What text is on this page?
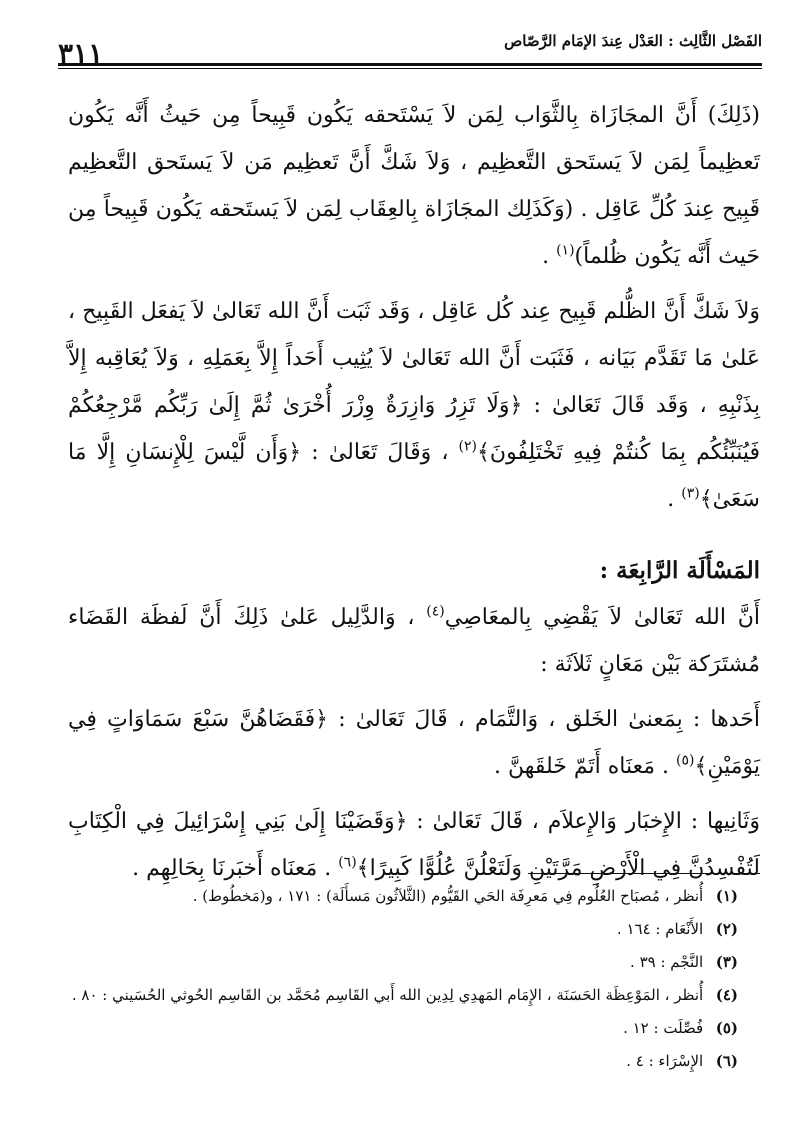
الفَصْل الثَّالِث : العَدْل عِندَ الإمَام الرَّصّاص
٣١١

(ذَلِكَ) أَنَّ المجَازَاة بِالثَّوَاب لِمَن لاَ يَسْتَحقه يَكُون قَبِيحاً مِن حَيثُ أَنَّه يَكُون تَعظِيماً لِمَن لاَ يَستَحق التَّعظِيم ، وَلاَ شَكَّ أَنَّ تَعظِيم مَن لاَ يَستَحق التَّعظِيم قَبِيح عِندَ كُلِّ عَاقِل . (وَكَذَلِك المجَازَاة بِالعِقَاب لِمَن لاَ يَستَحقه يَكُون قَبِيحاً مِن حَيث أَنَّه يَكُون ظُلماً)$^{(١)}$ .

وَلاَ شَكَّ أَنَّ الظُّلم قَبِيح عِند كُل عَاقِل ، وَقَد ثَبَت أَنَّ الله تَعَالىٰ لاَ يَفعَل القَبِيح ، عَلىٰ مَا تَقَدَّم بَيَانه ، فَثَبَت أَنَّ الله تَعَالىٰ لاَ يُثِيب أَحَداً إِلاَّ بِعَمَلِهِ ، وَلاَ يُعَاقِبه إِلاَّ بِذَنْبِهِ ، وَقَد قَالَ تَعَالىٰ : ﴿وَلَا تَزِرُ وَازِرَةٌ وِزْرَ أُخْرَىٰ ثُمَّ إِلَىٰ رَبِّكُم مَّرْجِعُكُمْ فَيُنَبِّئُكُم بِمَا كُنتُمْ فِيهِ تَخْتَلِفُونَ﴾$^{(٢)}$ ، وَقَالَ تَعَالىٰ : ﴿وَأَن لَّيْسَ لِلْإِنسَانِ إِلَّا مَا سَعَىٰ﴾$^{(٣)}$ .

المَسْأَلَة الرَّابِعَة :

أَنَّ الله تَعَالىٰ لاَ يَقْضِي بِالمعَاصِي$^{(٤)}$ ، وَالدَّلِيل عَلىٰ ذَلِكَ أَنَّ لَفظَة القَضَاء مُشتَرَكة بَيْن مَعَانٍ ثَلاَثَة :

أَحَدها : بِمَعنىٰ الخَلق ، وَالتَّمَام ، قَالَ تَعَالىٰ : ﴿فَقَضَاهُنَّ سَبْعَ سَمَاوَاتٍ فِي يَوْمَيْنِ﴾$^{(٥)}$ . مَعنَاه أَتَمّ خَلقَهنَّ .

وَثَانِيها : الإِخبَار وَالإِعلاَم ، قَالَ تَعَالىٰ : ﴿وَقَضَيْنَا إِلَىٰ بَنِي إِسْرَائِيلَ فِي الْكِتَابِ لَتُفْسِدُنَّ فِي الْأَرْضِ مَرَّتَيْنِ وَلَتَعْلُنَّ عُلُوًّا كَبِيرًا﴾$^{(٦)}$ . مَعنَاه أَخبَرنَا بِحَالِهِم .

(١) أُنظر ، مُصبَاح العُلُوم فِي مَعرِفَة الحَي القَيُّوم (الثَّلاَثُون مَسأَلَة) : ١٧١ ، و(مَخطُوط) .
(٢) الأَنْعَام : ١٦٤ .
(٣) النَّجْم : ٣٩ .
(٤) أُنظر ، المَوْعِظَة الحَسَنَة ، الإِمَام المَهدِي لِدِين الله أَبي القَاسِم مُحَمَّد بن القَاسِم الحُوثي الحُسَيني : ٨٠ .
(٥) فُصِّلَت : ١٢ .
(٦) الإِسْرَاء : ٤ .
